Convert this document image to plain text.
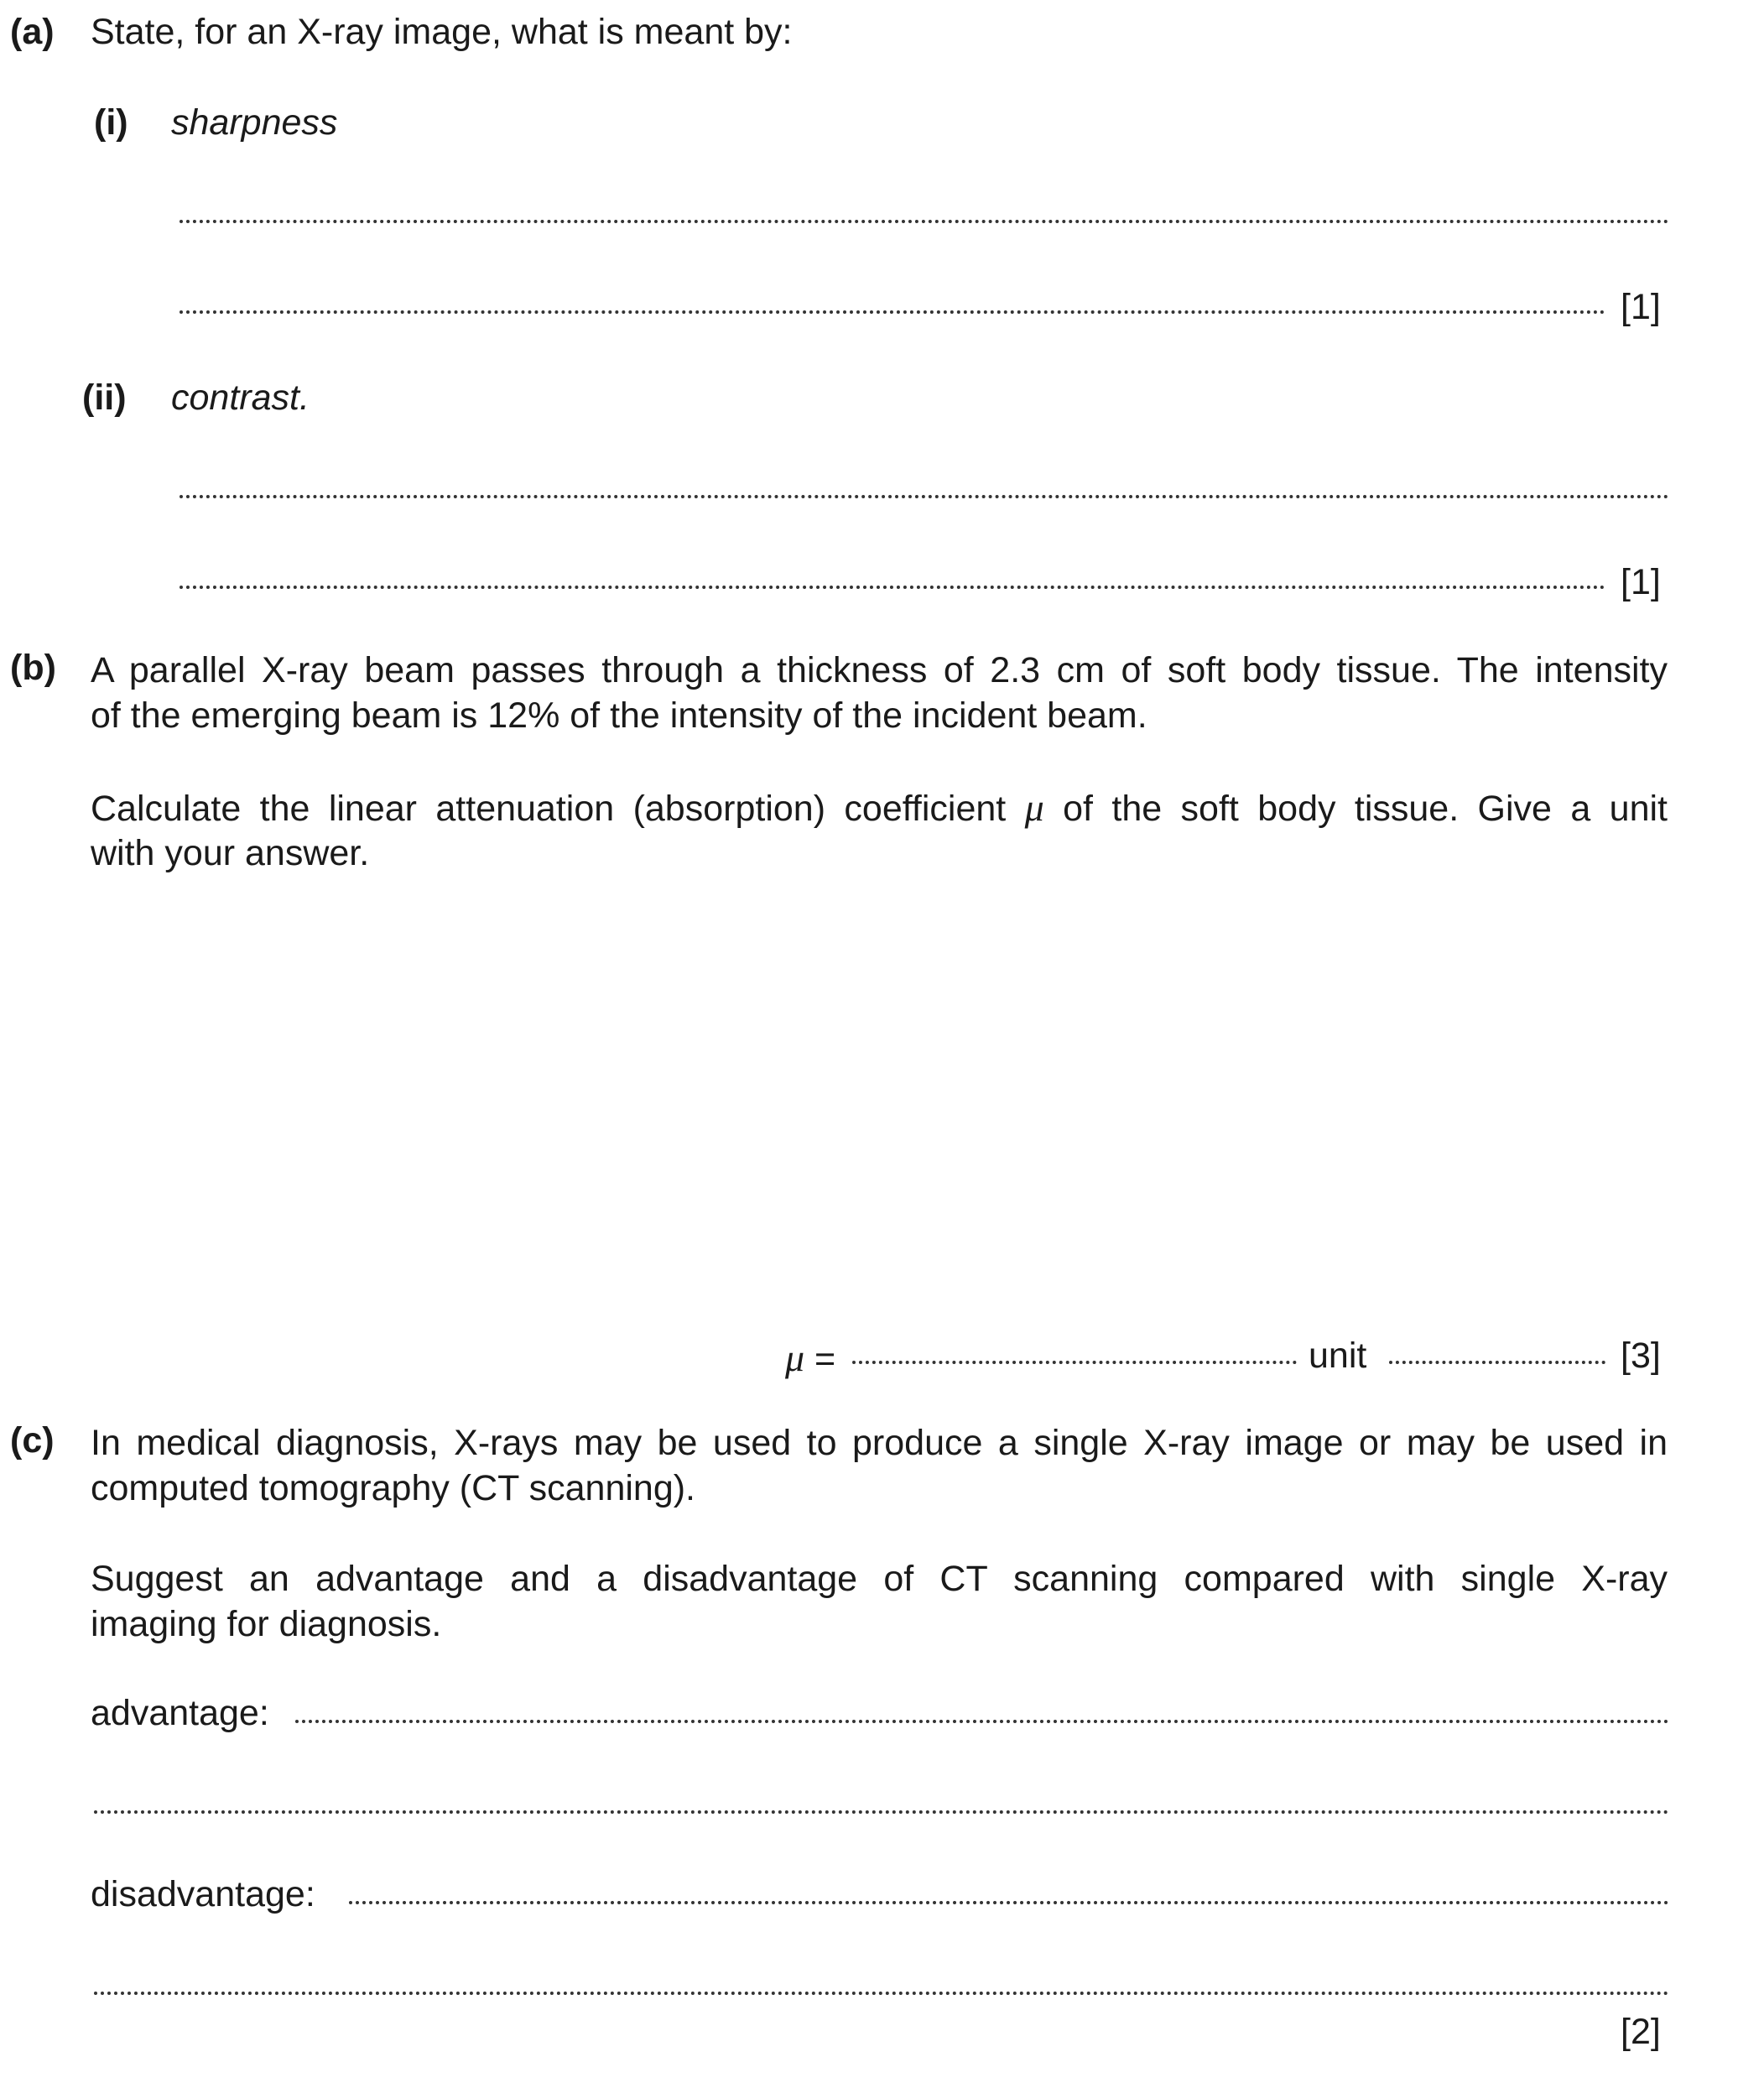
(a) State, for an X-ray image, what is meant by:
(i) sharpness
[1]
(ii) contrast.
[1]
(b) A parallel X-ray beam passes through a thickness of 2.3 cm of soft body tissue. The intensity
of the emerging beam is 12% of the intensity of the incident beam.
Calculate the linear attenuation (absorption) coefficient μ of the soft body tissue. Give a unit
with your answer.
μ =	unit	[3]
(c) In medical diagnosis, X-rays may be used to produce a single X-ray image or may be used in
computed tomography (CT scanning).
Suggest an advantage and a disadvantage of CT scanning compared with single X-ray
imaging for diagnosis.
advantage:
disadvantage:
[2]
